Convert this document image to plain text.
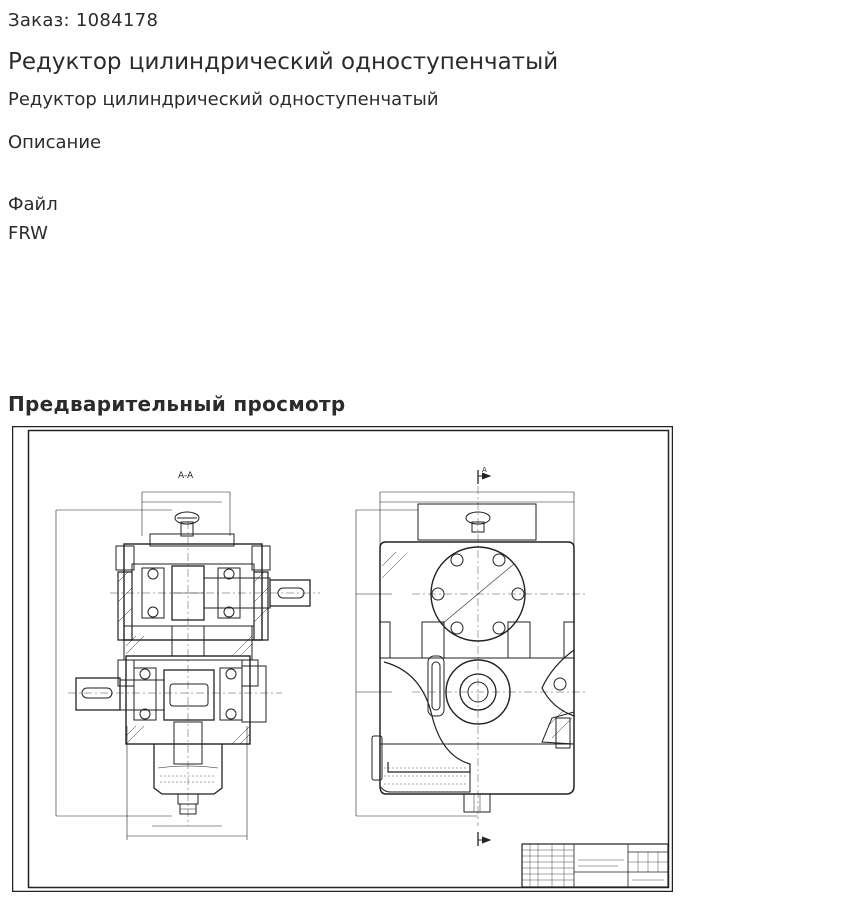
Заказ: 1084178
Редуктор цилиндрический одноступенчатый
Редуктор цилиндрический одноступенчатый
Описание
Файл
FRW
Предварительный просмотр
A-A
A
